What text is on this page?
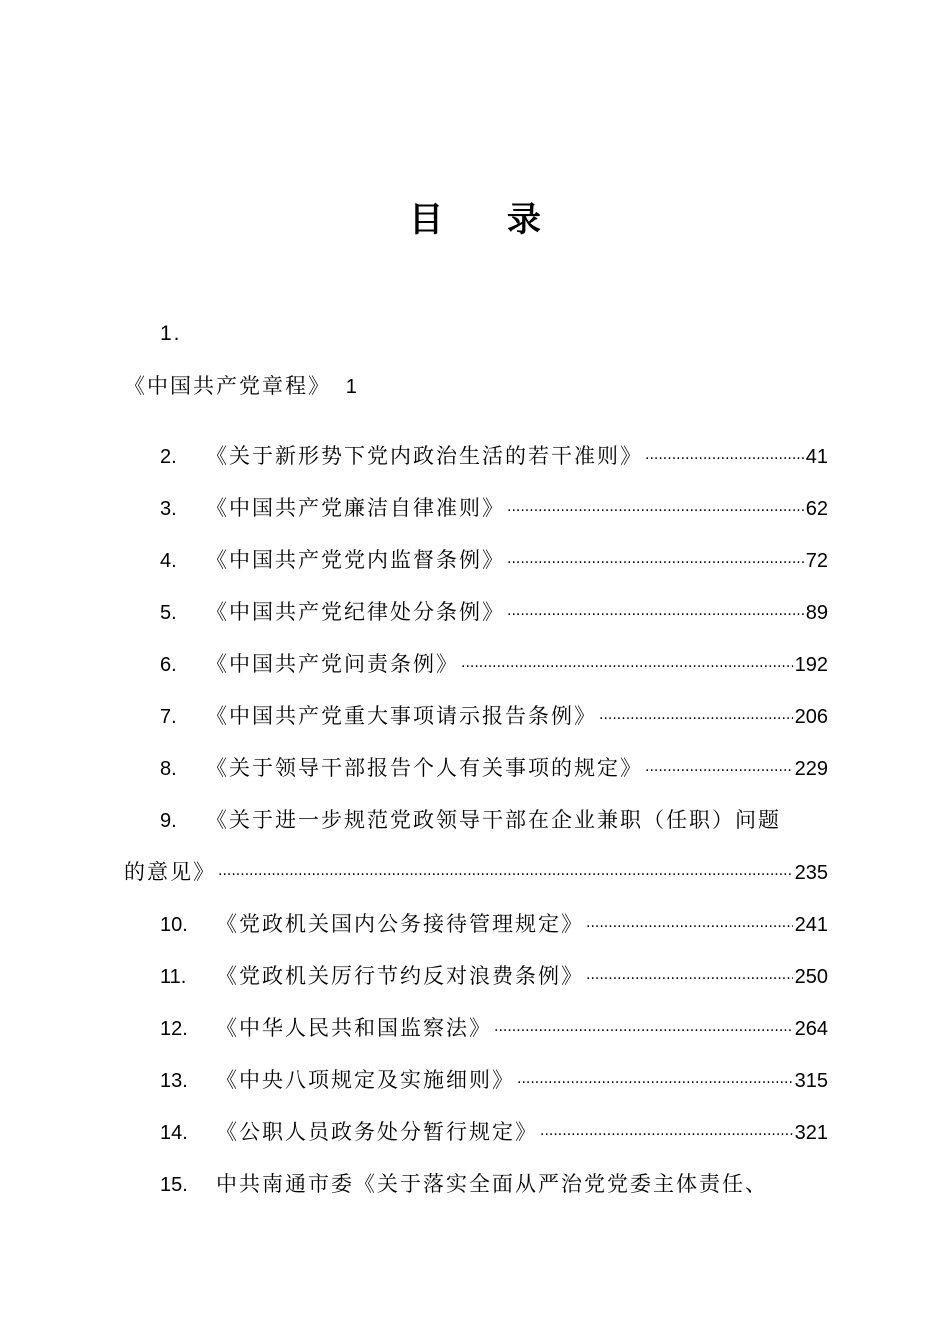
目 录
1.
《中国共产党章程》 1
2.	《关于新形势下党内政治生活的若干准则》 ·····	41
3.	《中国共产党廉洁自律准则》 ·····	62
4.	《中国共产党党内监督条例》 ·····	72
5.	《中国共产党纪律处分条例》 ·····	89
6.	《中国共产党问责条例》 ·····	192
7.	《中国共产党重大事项请示报告条例》 ·····	206
8.	《关于领导干部报告个人有关事项的规定》 ·····	229
9. 《关于进一步规范党政领导干部在企业兼职（任职）问题
的意见》 ·····	235
10.	《党政机关国内公务接待管理规定》 ·····	241
11.	《党政机关厉行节约反对浪费条例》 ·····	250
12.	《中华人民共和国监察法》 ·····	264
13.	《中央八项规定及实施细则》 ·····	315
14.	《公职人员政务处分暂行规定》 ·····	321
15. 中共南通市委《关于落实全面从严治党党委主体责任、
